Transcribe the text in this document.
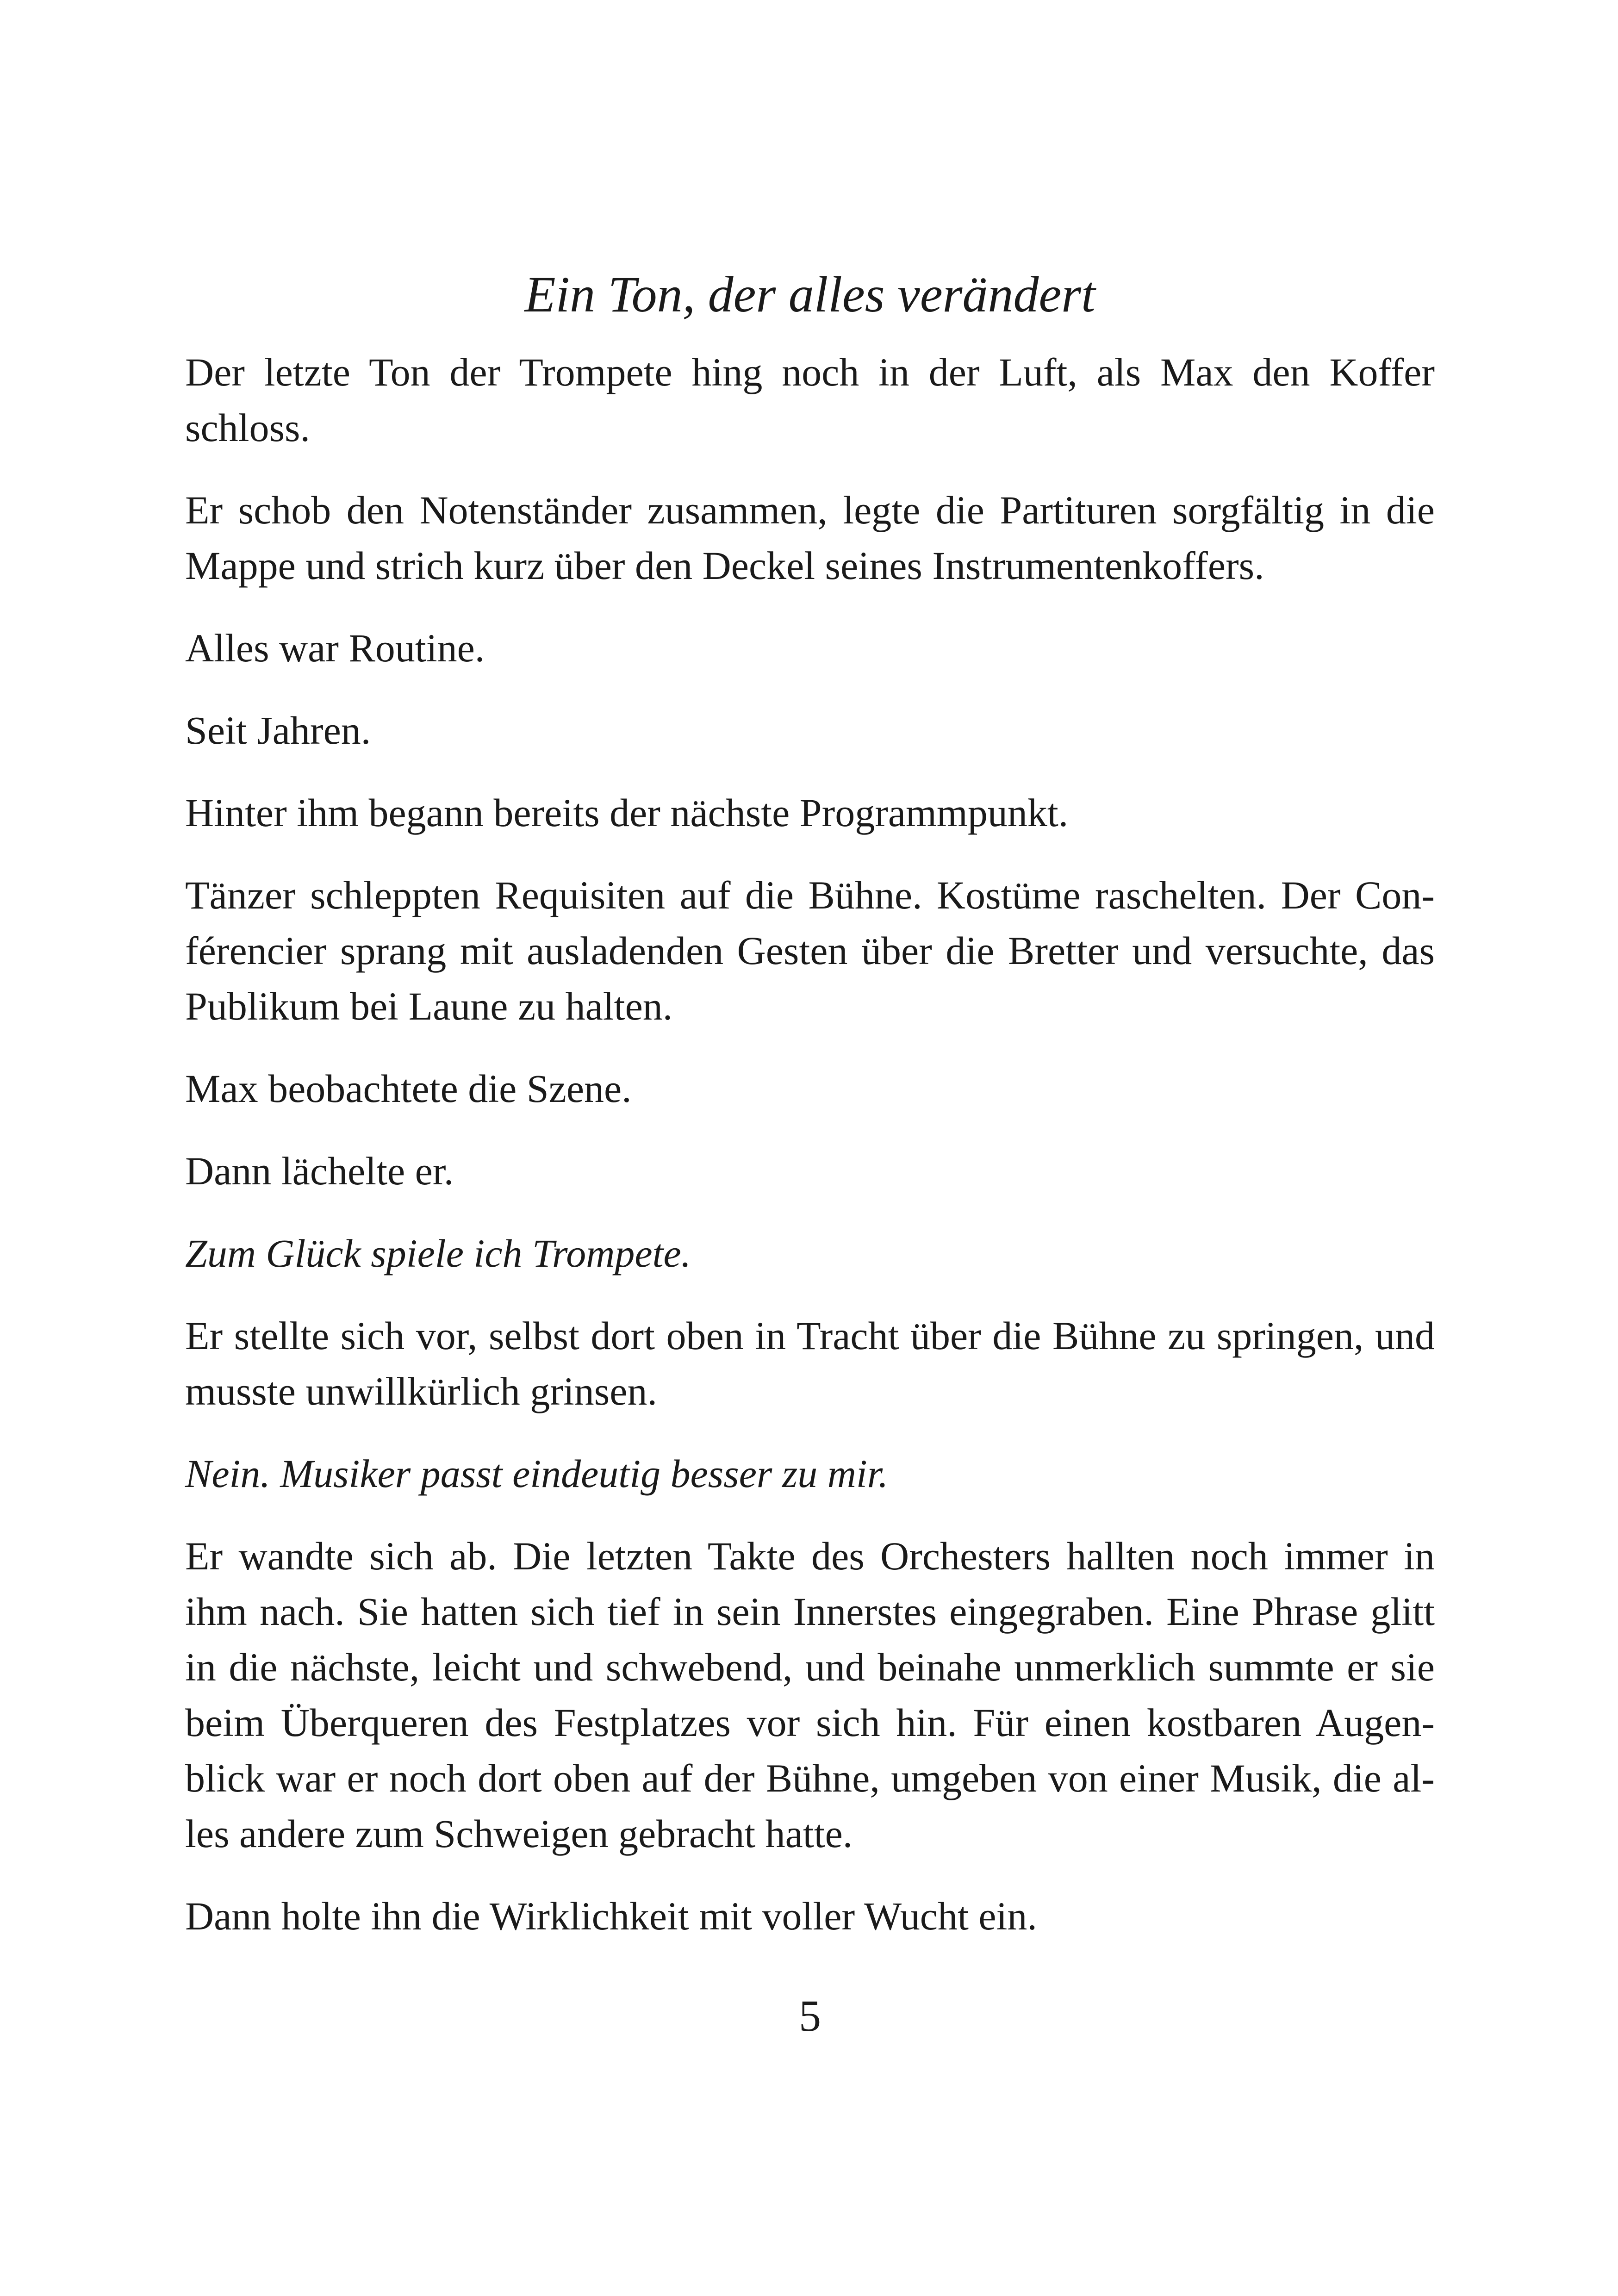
Ein Ton, der alles verändert

Der letzte Ton der Trompete hing noch in der Luft, als Max den Koffer schloss.

Er schob den Notenständer zusammen, legte die Partituren sorgfältig in die Mappe und strich kurz über den Deckel seines Instrumentenkoffers.

Alles war Routine.

Seit Jahren.

Hinter ihm begann bereits der nächste Programmpunkt.

Tänzer schleppten Requisiten auf die Bühne. Kostüme raschelten. Der Conférencier sprang mit ausladenden Gesten über die Bretter und versuchte, das Publikum bei Laune zu halten.

Max beobachtete die Szene.

Dann lächelte er.

Zum Glück spiele ich Trompete.

Er stellte sich vor, selbst dort oben in Tracht über die Bühne zu springen, und musste unwillkürlich grinsen.

Nein. Musiker passt eindeutig besser zu mir.

Er wandte sich ab. Die letzten Takte des Orchesters hallten noch immer in ihm nach. Sie hatten sich tief in sein Innerstes eingegraben. Eine Phrase glitt in die nächste, leicht und schwebend, und beinahe unmerklich summte er sie beim Überqueren des Festplatzes vor sich hin. Für einen kostbaren Augenblick war er noch dort oben auf der Bühne, umgeben von einer Musik, die alles andere zum Schweigen gebracht hatte.

Dann holte ihn die Wirklichkeit mit voller Wucht ein.

5
